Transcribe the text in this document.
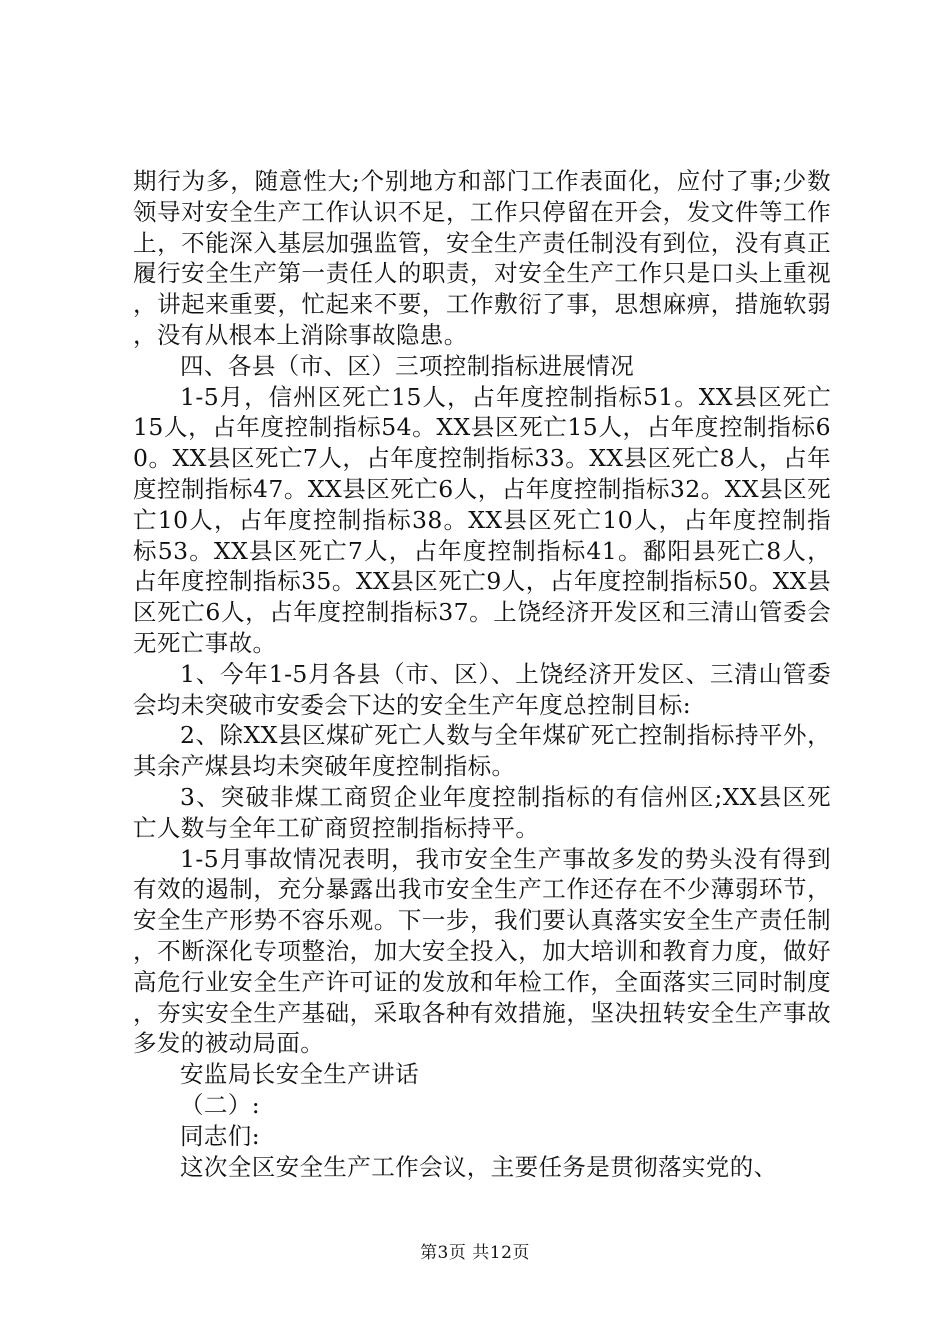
期行为多，随意性大;个别地方和部门工作表面化，应付了事;少数领导对安全生产工作认识不足，工作只停留在开会，发文件等工作上，不能深入基层加强监管，安全生产责任制没有到位，没有真正履行安全生产第一责任人的职责，对安全生产工作只是口头上重视，讲起来重要，忙起来不要，工作敷衍了事，思想麻痹，措施软弱，没有从根本上消除事故隐患。

四、各县（市、区）三项控制指标进展情况

1-5月，信州区死亡15人，占年度控制指标51。XX县区死亡15人，占年度控制指标54。XX县区死亡15人，占年度控制指标60。XX县区死亡7人，占年度控制指标33。XX县区死亡8人，占年度控制指标47。XX县区死亡6人，占年度控制指标32。XX县区死亡10人，占年度控制指标38。XX县区死亡10人，占年度控制指标53。XX县区死亡7人，占年度控制指标41。鄱阳县死亡8人，占年度控制指标35。XX县区死亡9人，占年度控制指标50。XX县区死亡6人，占年度控制指标37。上饶经济开发区和三清山管委会无死亡事故。

1、今年1-5月各县（市、区）、上饶经济开发区、三清山管委会均未突破市安委会下达的安全生产年度总控制目标:

2、除XX县区煤矿死亡人数与全年煤矿死亡控制指标持平外，其余产煤县均未突破年度控制指标。

3、突破非煤工商贸企业年度控制指标的有信州区;XX县区死亡人数与全年工矿商贸控制指标持平。

1-5月事故情况表明，我市安全生产事故多发的势头没有得到有效的遏制，充分暴露出我市安全生产工作还存在不少薄弱环节，安全生产形势不容乐观。下一步，我们要认真落实安全生产责任制，不断深化专项整治，加大安全投入，加大培训和教育力度，做好高危行业安全生产许可证的发放和年检工作，全面落实三同时制度，夯实安全生产基础，采取各种有效措施，坚决扭转安全生产事故多发的被动局面。

安监局长安全生产讲话

（二）:

同志们:

这次全区安全生产工作会议，主要任务是贯彻落实党的、

第3页 共12页
